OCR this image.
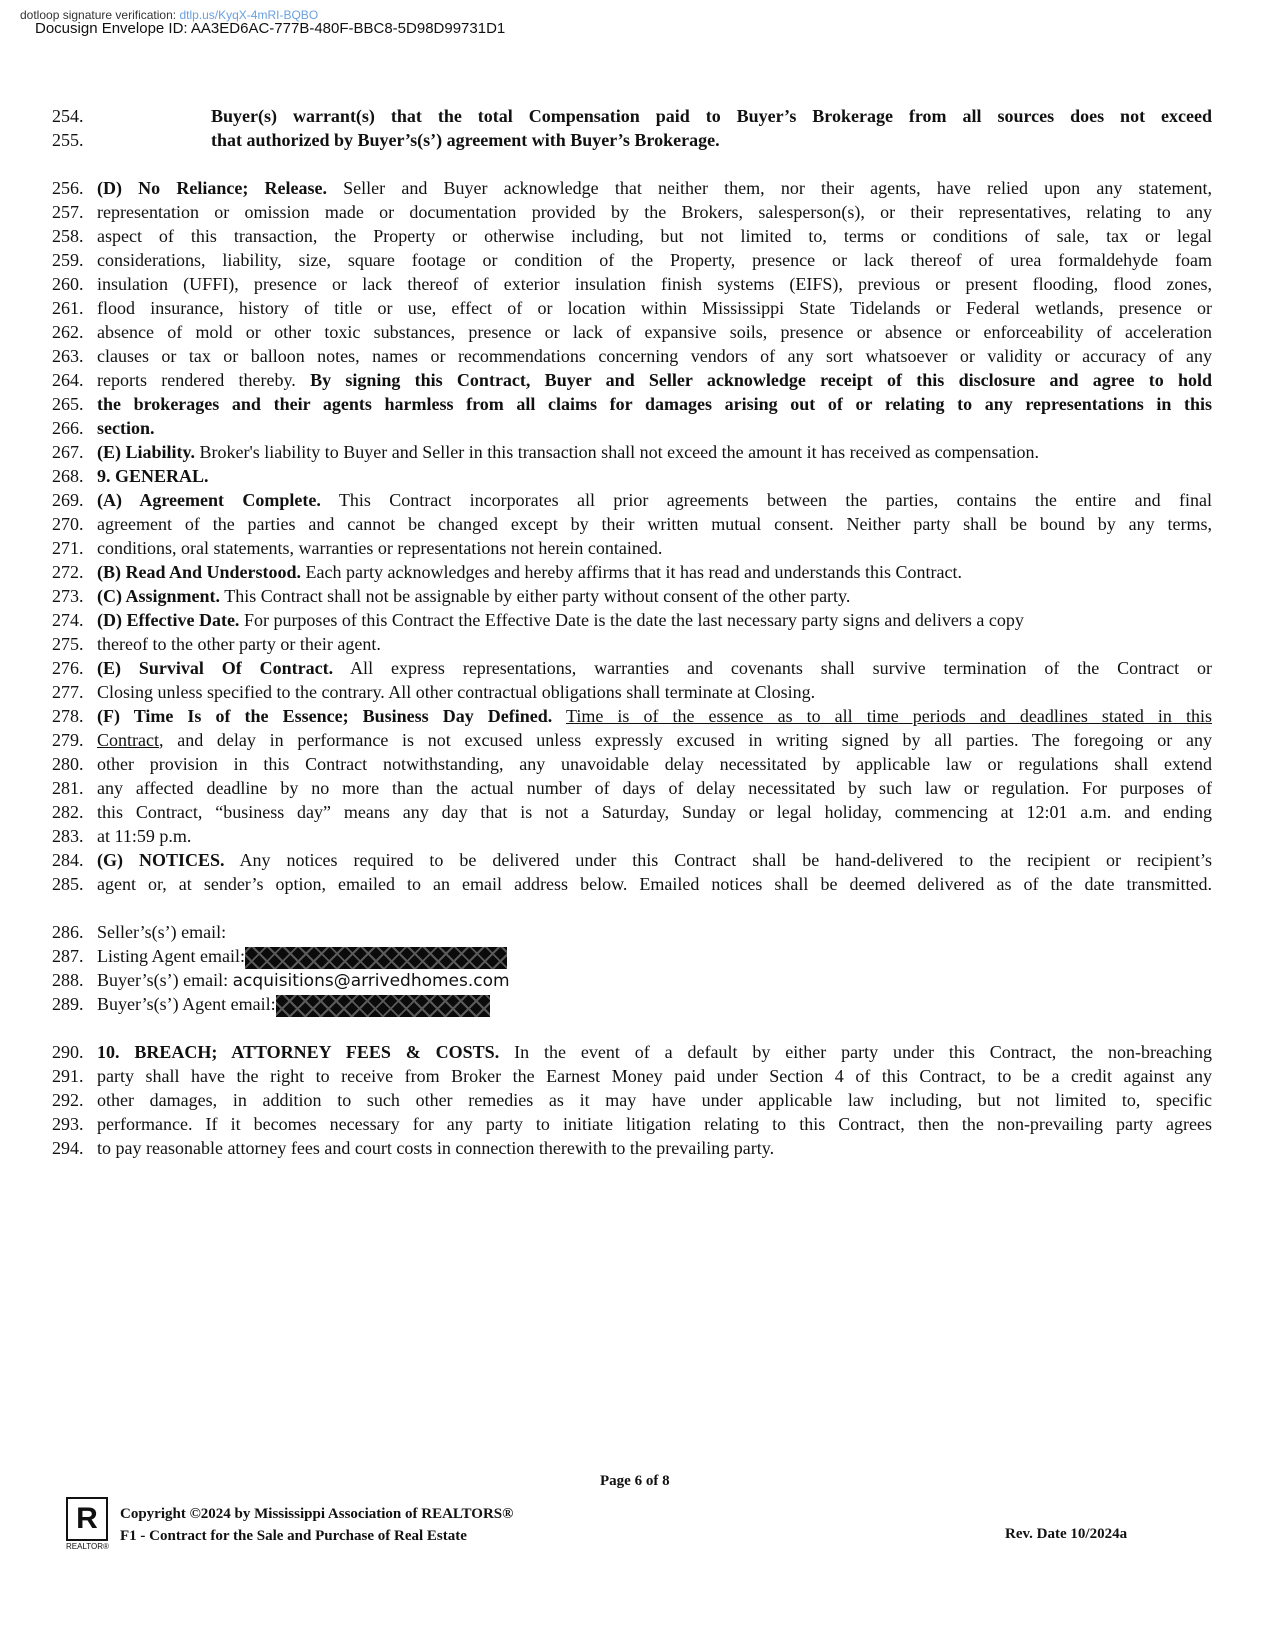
dotloop signature verification: dtlp.us/KyqX-4mRI-BQBO
Docusign Envelope ID: AA3ED6AC-777B-480F-BBC8-5D98D99731D1
254.	Buyer(s) warrant(s) that the total Compensation paid to Buyer’s Brokerage from all sources does not exceed
255.	that authorized by Buyer’s(s’) agreement with Buyer’s Brokerage.
256. (D) No Reliance; Release. Seller and Buyer acknowledge that neither them, nor their agents, have relied upon any statement,
257. representation or omission made or documentation provided by the Brokers, salesperson(s), or their representatives, relating to any
258. aspect of this transaction, the Property or otherwise including, but not limited to, terms or conditions of sale, tax or legal
259. considerations, liability, size, square footage or condition of the Property, presence or lack thereof of urea formaldehyde foam
260. insulation (UFFI), presence or lack thereof of exterior insulation finish systems (EIFS), previous or present flooding, flood zones,
261. flood insurance, history of title or use, effect of or location within Mississippi State Tidelands or Federal wetlands, presence or
262. absence of mold or other toxic substances, presence or lack of expansive soils, presence or absence or enforceability of acceleration
263. clauses or tax or balloon notes, names or recommendations concerning vendors of any sort whatsoever or validity or accuracy of any
264. reports rendered thereby. By signing this Contract, Buyer and Seller acknowledge receipt of this disclosure and agree to hold
265. the brokerages and their agents harmless from all claims for damages arising out of or relating to any representations in this
266. section.
267. (E) Liability. Broker's liability to Buyer and Seller in this transaction shall not exceed the amount it has received as compensation.
268. 9. GENERAL.
269. (A) Agreement Complete. This Contract incorporates all prior agreements between the parties, contains the entire and final
270. agreement of the parties and cannot be changed except by their written mutual consent. Neither party shall be bound by any terms,
271. conditions, oral statements, warranties or representations not herein contained.
272. (B) Read And Understood. Each party acknowledges and hereby affirms that it has read and understands this Contract.
273. (C) Assignment. This Contract shall not be assignable by either party without consent of the other party.
274. (D) Effective Date. For purposes of this Contract the Effective Date is the date the last necessary party signs and delivers a copy
275. thereof to the other party or their agent.
276. (E) Survival Of Contract. All express representations, warranties and covenants shall survive termination of the Contract or
277. Closing unless specified to the contrary. All other contractual obligations shall terminate at Closing.
278. (F) Time Is of the Essence; Business Day Defined. Time is of the essence as to all time periods and deadlines stated in this
279. Contract, and delay in performance is not excused unless expressly excused in writing signed by all parties. The foregoing or any
280. other provision in this Contract notwithstanding, any unavoidable delay necessitated by applicable law or regulations shall extend
281. any affected deadline by no more than the actual number of days of delay necessitated by such law or regulation. For purposes of
282. this Contract, “business day” means any day that is not a Saturday, Sunday or legal holiday, commencing at 12:01 a.m. and ending
283. at 11:59 p.m.
284. (G) NOTICES. Any notices required to be delivered under this Contract shall be hand-delivered to the recipient or recipient’s
285. agent or, at sender’s option, emailed to an email address below. Emailed notices shall be deemed delivered as of the date transmitted.
286. Seller’s(s’) email:
287. Listing Agent email:
288. Buyer’s(s’) email: acquisitions@arrivedhomes.com
289. Buyer’s(s’) Agent email:
290. 10. BREACH; ATTORNEY FEES & COSTS. In the event of a default by either party under this Contract, the non-breaching
291. party shall have the right to receive from Broker the Earnest Money paid under Section 4 of this Contract, to be a credit against any
292. other damages, in addition to such other remedies as it may have under applicable law including, but not limited to, specific
293. performance. If it becomes necessary for any party to initiate litigation relating to this Contract, then the non-prevailing party agrees
294. to pay reasonable attorney fees and court costs in connection therewith to the prevailing party.
Page 6 of 8
R
REALTOR®
Copyright ©2024 by Mississippi Association of REALTORS®
F1 - Contract for the Sale and Purchase of Real Estate	Rev. Date 10/2024a
